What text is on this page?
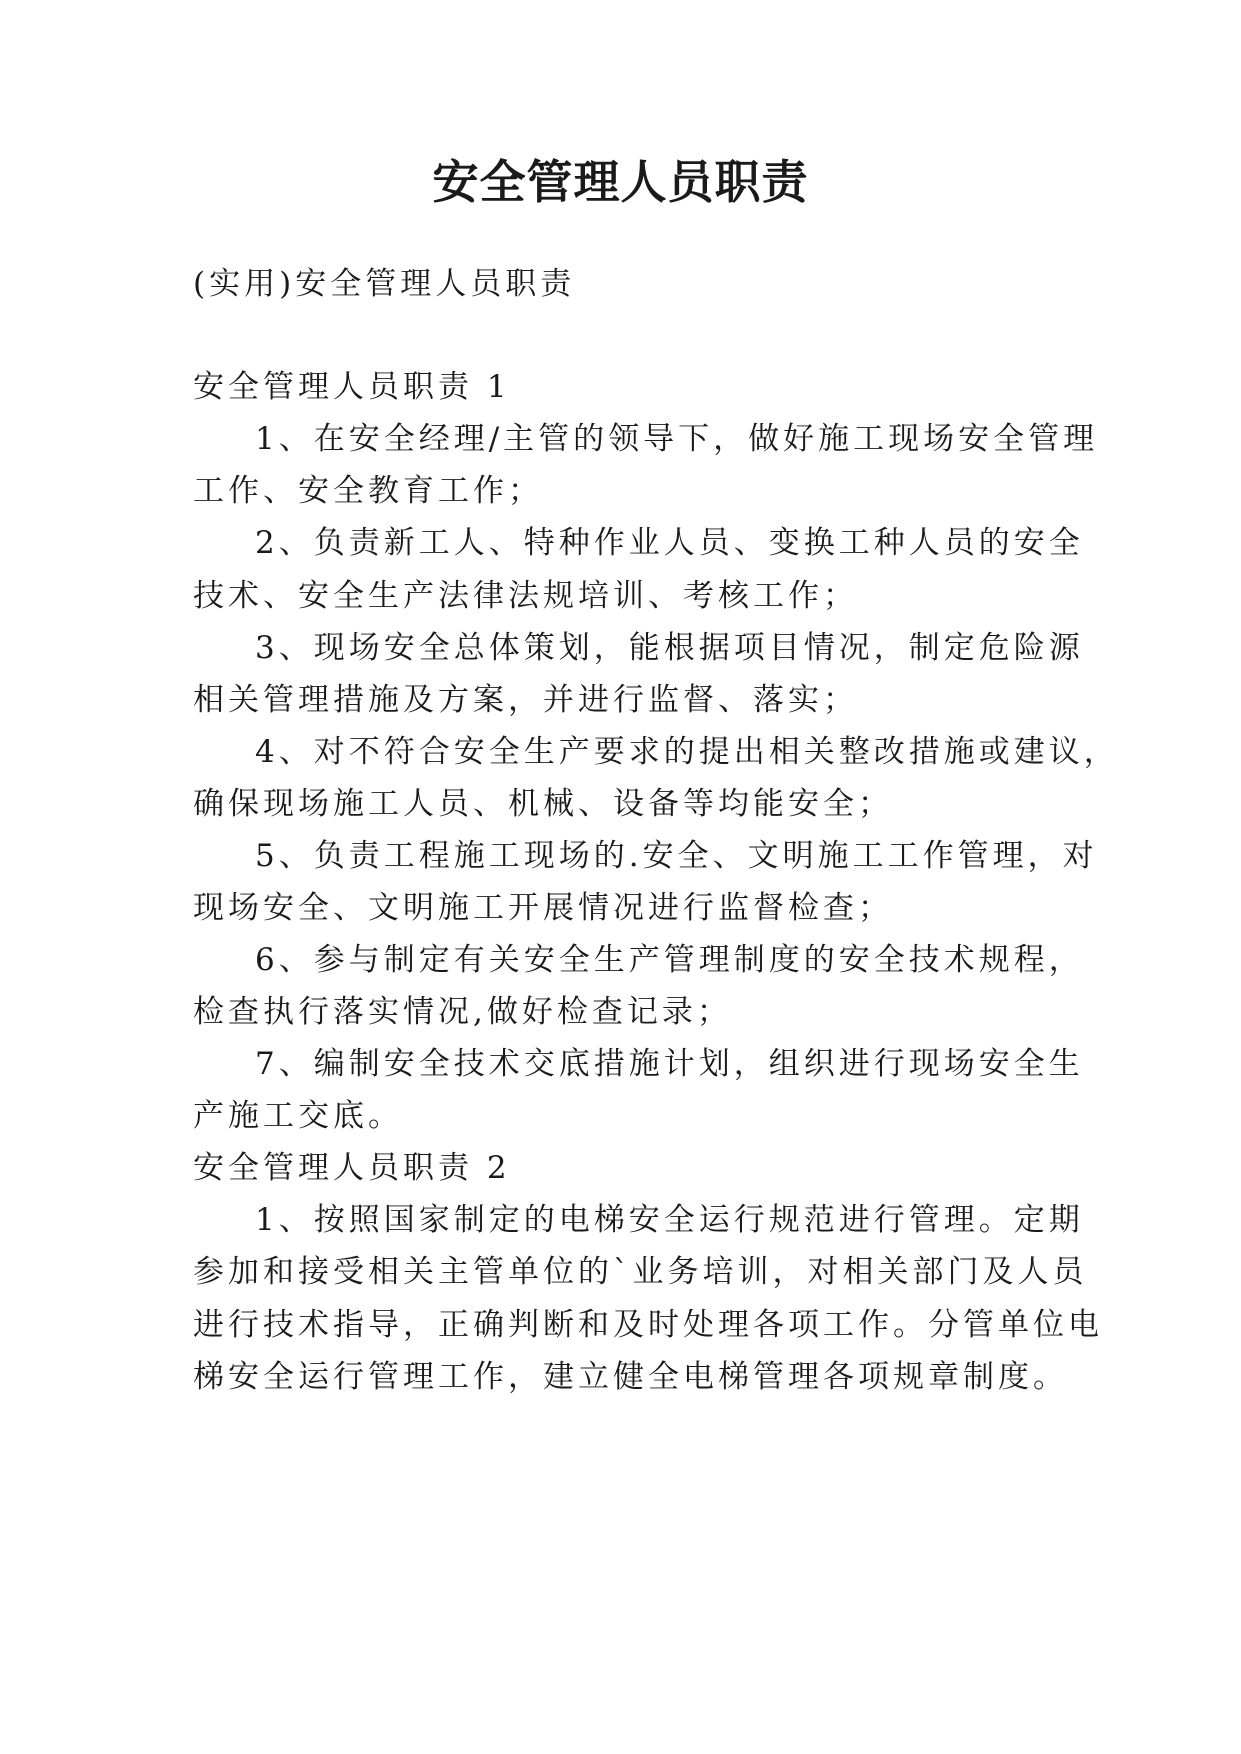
安全管理人员职责
(实用)安全管理人员职责
安全管理人员职责 1
1、在安全经理/主管的领导下，做好施工现场安全管理
工作、安全教育工作；
2、负责新工人、特种作业人员、变换工种人员的安全
技术、安全生产法律法规培训、考核工作；
3、现场安全总体策划，能根据项目情况，制定危险源
相关管理措施及方案，并进行监督、落实；
4、对不符合安全生产要求的提出相关整改措施或建议，
确保现场施工人员、机械、设备等均能安全；
5、负责工程施工现场的.安全、文明施工工作管理，对
现场安全、文明施工开展情况进行监督检查；
6、参与制定有关安全生产管理制度的安全技术规程，
检查执行落实情况,做好检查记录；
7、编制安全技术交底措施计划，组织进行现场安全生
产施工交底。
安全管理人员职责 2
1、按照国家制定的电梯安全运行规范进行管理。定期
参加和接受相关主管单位的`业务培训，对相关部门及人员
进行技术指导，正确判断和及时处理各项工作。分管单位电
梯安全运行管理工作，建立健全电梯管理各项规章制度。
